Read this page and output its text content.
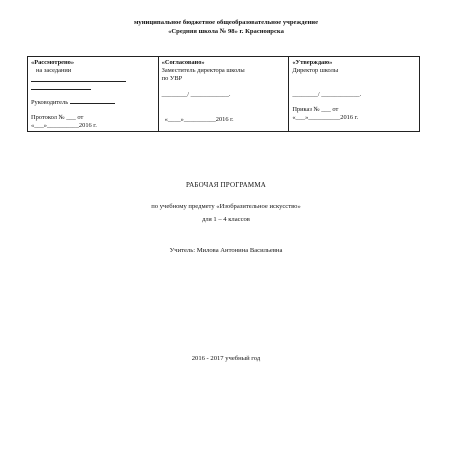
муниципальное бюджетное общеобразовательное учреждение
«Средняя школа № 98» г. Красноярска
«Рассмотрено»
на заседании
Руководитель
Протокол № ___ от
«___»__________2016 г.

«Согласовано»
Заместитель директора школы
по УВР
________/ ____________.
«____»__________2016 г.

«Утверждаю»
Директор школы
________/ ____________.
Приказ № ___ от
«___»__________2016 г.
РАБОЧАЯ ПРОГРАММА
по учебному предмету «Изобразительное искусство»
для 1 – 4 классов
Учитель: Милова Антонина Васильевна
2016 - 2017 учебный год
